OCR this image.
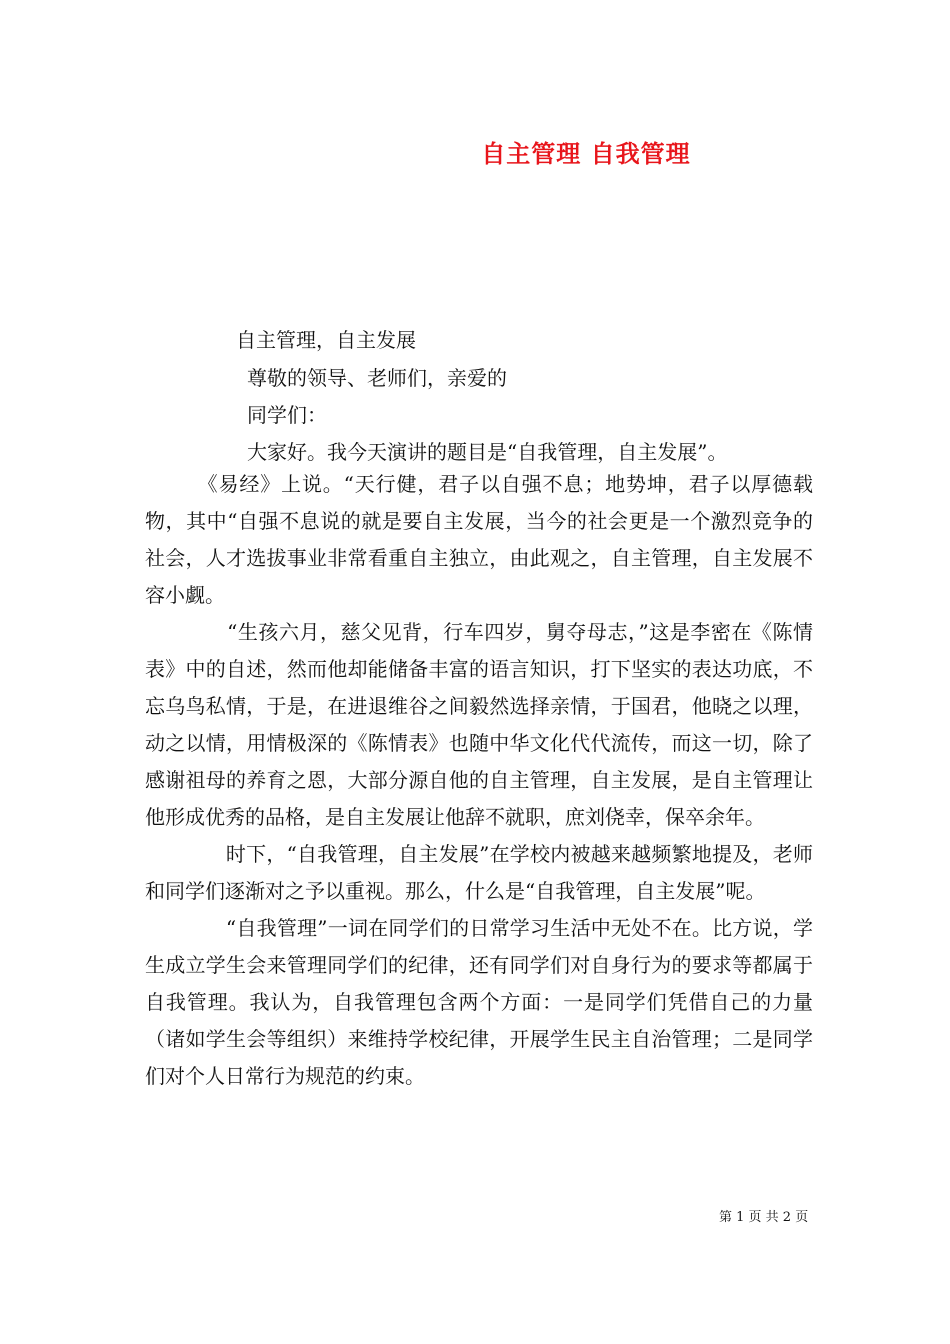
自主管理 自我管理
自主管理，自主发展
尊敬的领导、老师们，亲爱的
同学们：
大家好。我今天演讲的题目是“自我管理，自主发展”。

　　　《易经》上说。“天行健，君子以自强不息；地势坤，君子以厚德载物，其中“自强不息说的就是要自主发展，当今的社会更是一个激烈竞争的社会，人才选拔事业非常看重自主独立，由此观之，自主管理，自主发展不容小觑。

　　　　“生孩六月，慈父见背，行车四岁，舅夺母志，”这是李密在《陈情表》中的自述，然而他却能储备丰富的语言知识，打下坚实的表达功底，不忘乌鸟私情，于是，在进退维谷之间毅然选择亲情，于国君，他晓之以理，动之以情，用情极深的《陈情表》也随中华文化代代流传，而这一切，除了感谢祖母的养育之恩，大部分源自他的自主管理，自主发展，是自主管理让他形成优秀的品格，是自主发展让他辞不就职，庶刘侥幸，保卒余年。

　　　　时下，“自我管理，自主发展”在学校内被越来越频繁地提及，老师和同学们逐渐对之予以重视。那么，什么是“自我管理，自主发展”呢。

　　　　“自我管理”一词在同学们的日常学习生活中无处不在。比方说，学生成立学生会来管理同学们的纪律，还有同学们对自身行为的要求等都属于自我管理。我认为，自我管理包含两个方面：一是同学们凭借自己的力量（诸如学生会等组织）来维持学校纪律，开展学生民主自治管理；二是同学们对个人日常行为规范的约束。

第 1 页 共 2 页
